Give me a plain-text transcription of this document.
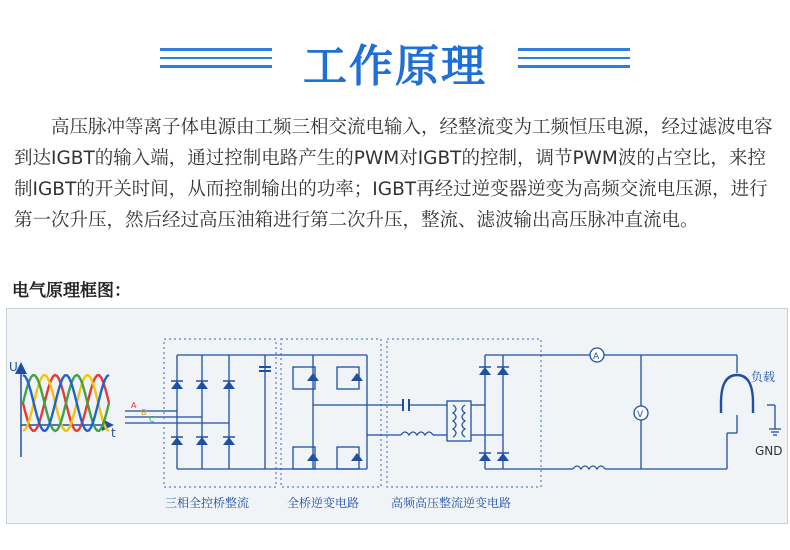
工作原理

高压脉冲等离子体电源由工频三相交流电输入，经整流变为工频恒压电源，经过滤波电容到达IGBT的输入端，通过控制电路产生的PWM对IGBT的控制，调节PWM波的占空比，来控制IGBT的开关时间，从而控制输出的功率；IGBT再经过逆变器逆变为高频交流电压源，进行第一次升压，然后经过高压油箱进行第二次升压，整流、滤波输出高压脉冲直流电。

电气原理框图：
U
t
A
B
C
三相全控桥整流	全桥逆变电路	高频高压整流逆变电路
A
V
负载
GND
